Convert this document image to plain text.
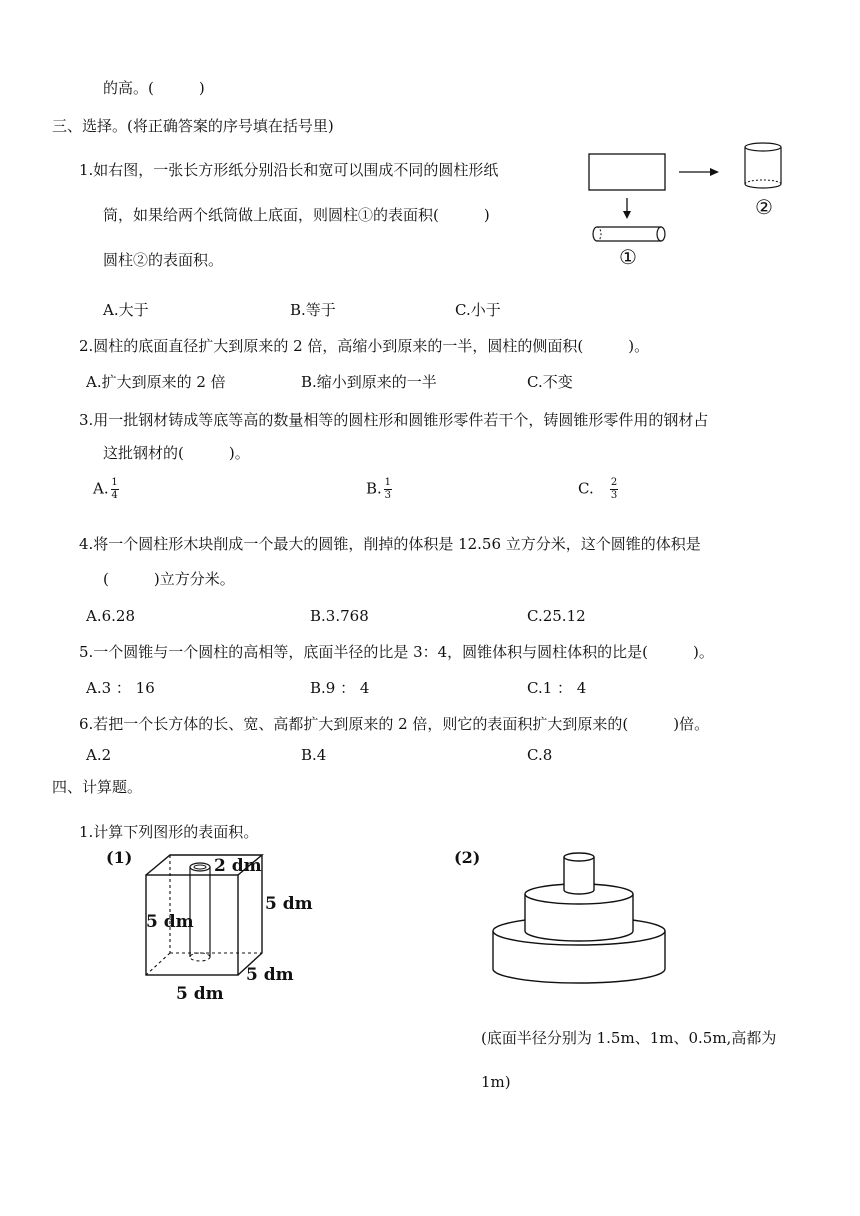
的高。(　　　)
三、选择。(将正确答案的序号填在括号里)
1.如右图，一张长方形纸分别沿长和宽可以围成不同的圆柱形纸
筒，如果给两个纸筒做上底面，则圆柱①的表面积(　　　)
圆柱②的表面积。
②
①
A.大于	B.等于	C.小于
2.圆柱的底面直径扩大到原来的 2 倍，高缩小到原来的一半，圆柱的侧面积(　　　)。
A.扩大到原来的 2 倍	B.缩小到原来的一半	C.不变
3.用一批钢材铸成等底等高的数量相等的圆柱形和圆锥形零件若干个，铸圆锥形零件用的钢材占
这批钢材的(　　　)。
A. $\frac{1}{4}$	B. $\frac{1}{3}$	C. $\frac{2}{3}$
4.将一个圆柱形木块削成一个最大的圆锥，削掉的体积是 12.56 立方分米，这个圆锥的体积是
(　　　)立方分米。
A.6.28	B.3.768	C.25.12
5.一个圆锥与一个圆柱的高相等，底面半径的比是 3：4，圆锥体积与圆柱体积的比是(　　　)。
A.3 ： 16	B.9 ： 4	C.1 ： 4
6.若把一个长方体的长、宽、高都扩大到原来的 2 倍，则它的表面积扩大到原来的(　　　)倍。
A.2	B.4	C.8
四、计算题。
1.计算下列图形的表面积。
(1)	2 dm
5 dm
5 dm
5 dm
5 dm
(2)
(底面半径分别为 1.5m、1m、0.5m,高都为
1m)
